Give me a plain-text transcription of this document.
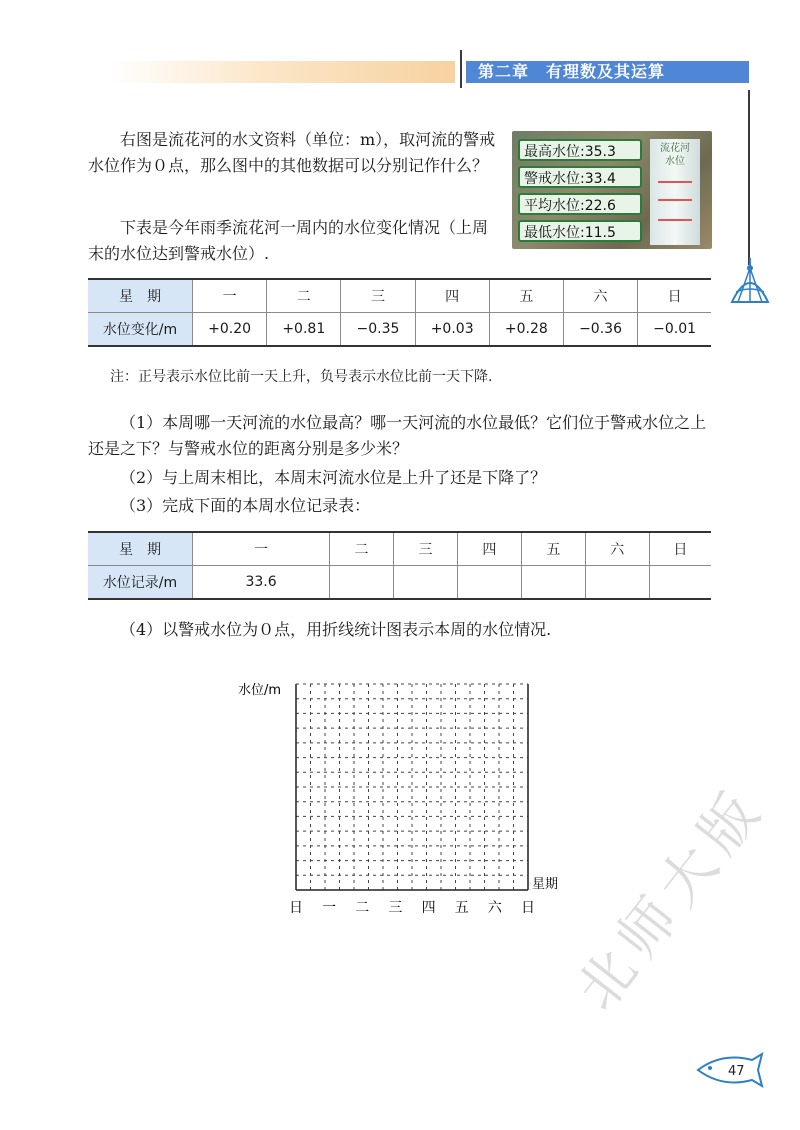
第二章　有理数及其运算

右图是流花河的水文资料（单位：m），取河流的警戒水位作为０点，那么图中的其他数据可以分别记作什么？

下表是今年雨季流花河一周内的水位变化情况（上周末的水位达到警戒水位）.

流花河
水位
最高水位:35.3
警戒水位:33.4
平均水位:22.6
最低水位:11.5
星　期	一	二	三	四	五	六	日
水位变化/m	+0.20	+0.81	−0.35	+0.03	+0.28	−0.36	−0.01

注：正号表示水位比前一天上升，负号表示水位比前一天下降.

（1）本周哪一天河流的水位最高？哪一天河流的水位最低？它们位于警戒水位之上还是之下？与警戒水位的距离分别是多少米？

（2）与上周末相比，本周末河流水位是上升了还是下降了？

（3）完成下面的本周水位记录表：

星　期	一	二	三	四	五	六	日
水位记录/m	33.6						

（4）以警戒水位为０点，用折线统计图表示本周的水位情况.

水位/m
星期
日 一 二 三 四 五 六 日
47
北师大版
